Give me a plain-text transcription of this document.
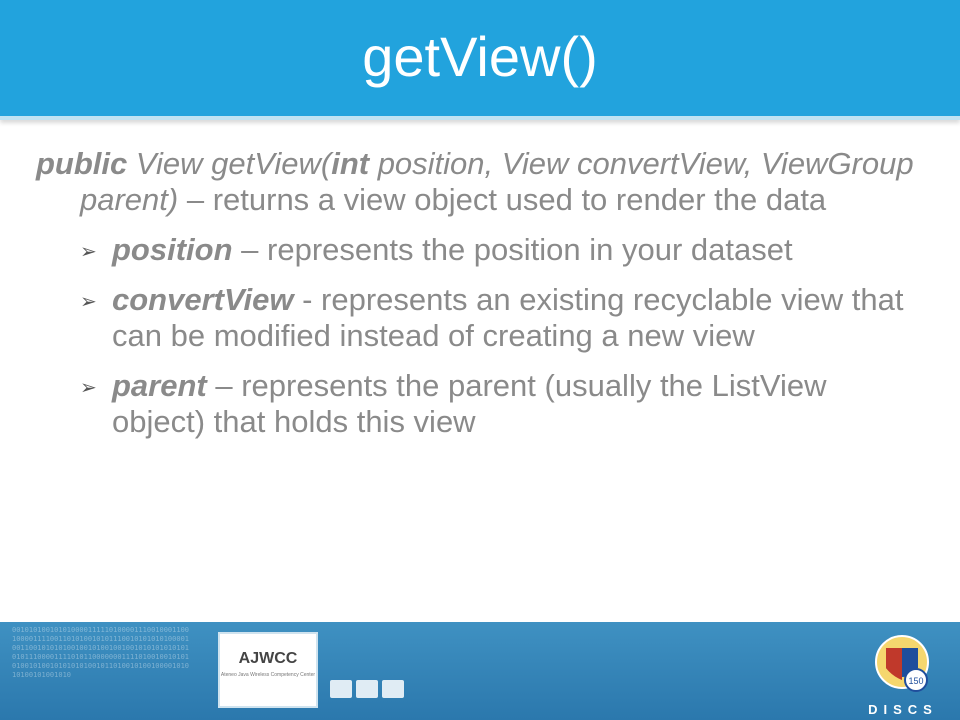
getView()
public View getView(int position, View convertView, ViewGroup parent) – returns a view object used to render the data
➢ position – represents the position in your dataset
➢ convertView - represents an existing recyclable view that can be modified instead of creating a new view
➢ parent – represents the parent (usually the ListView object) that holds this view
00101010010101000011111010000111001000110010000111100110101001010111001010101010000100110010101010010010100100100101010101010101011100001111010110000000111101001001010101001010010101010100101101001010010000101010100101001010
AJWCC
Ateneo Java Wireless Competency Center
150
DISCS
